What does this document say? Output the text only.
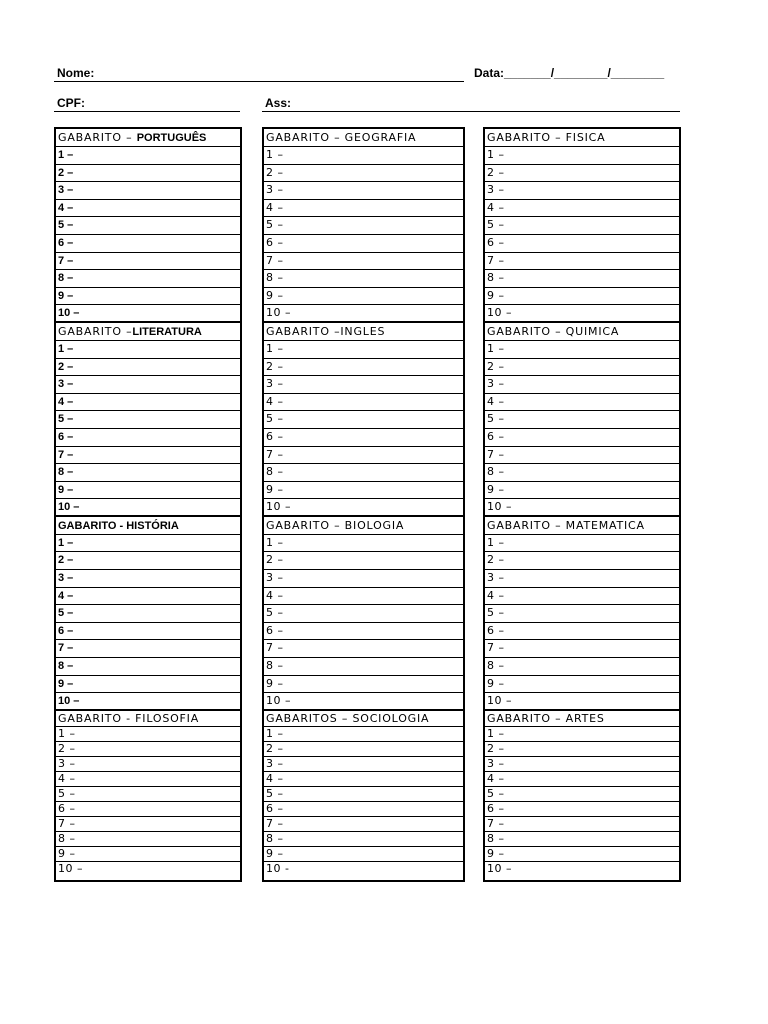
Nome:	Data:_______/________/________
CPF:	Ass:
GABARITO – PORTUGUÊS
1 –
2 –
3 –
4 –
5 –
6 –
7 –
8 –
9 –
10 –
GABARITO –LITERATURA
1 –
2 –
3 –
4 –
5 –
6 –
7 –
8 –
9 –
10 –
GABARITO - HISTÓRIA
1 –
2 –
3 –
4 –
5 –
6 –
7 –
8 –
9 –
10 –
GABARITO - FILOSOFIA
1 –
2 –
3 –
4 –
5 –
6 –
7 –
8 –
9 –
10 –
GABARITO – GEOGRAFIA
1 –
2 –
3 –
4 –
5 –
6 –
7 –
8 –
9 –
10 –
GABARITO –INGLES
1 –
2 –
3 –
4 –
5 –
6 –
7 –
8 –
9 –
10 –
GABARITO – BIOLOGIA
1 –
2 –
3 –
4 –
5 –
6 –
7 –
8 –
9 –
10 –
GABARITOS – SOCIOLOGIA
1 –
2 –
3 –
4 –
5 –
6 –
7 –
8 –
9 –
10 -
GABARITO – FISICA
1 –
2 –
3 –
4 –
5 –
6 –
7 –
8 –
9 –
10 –
GABARITO – QUIMICA
1 –
2 –
3 –
4 –
5 –
6 –
7 –
8 –
9 –
10 –
GABARITO – MATEMATICA
1 –
2 –
3 –
4 –
5 –
6 –
7 –
8 –
9 –
10 –
GABARITO – ARTES
1 –
2 –
3 –
4 –
5 –
6 –
7 –
8 –
9 –
10 –
